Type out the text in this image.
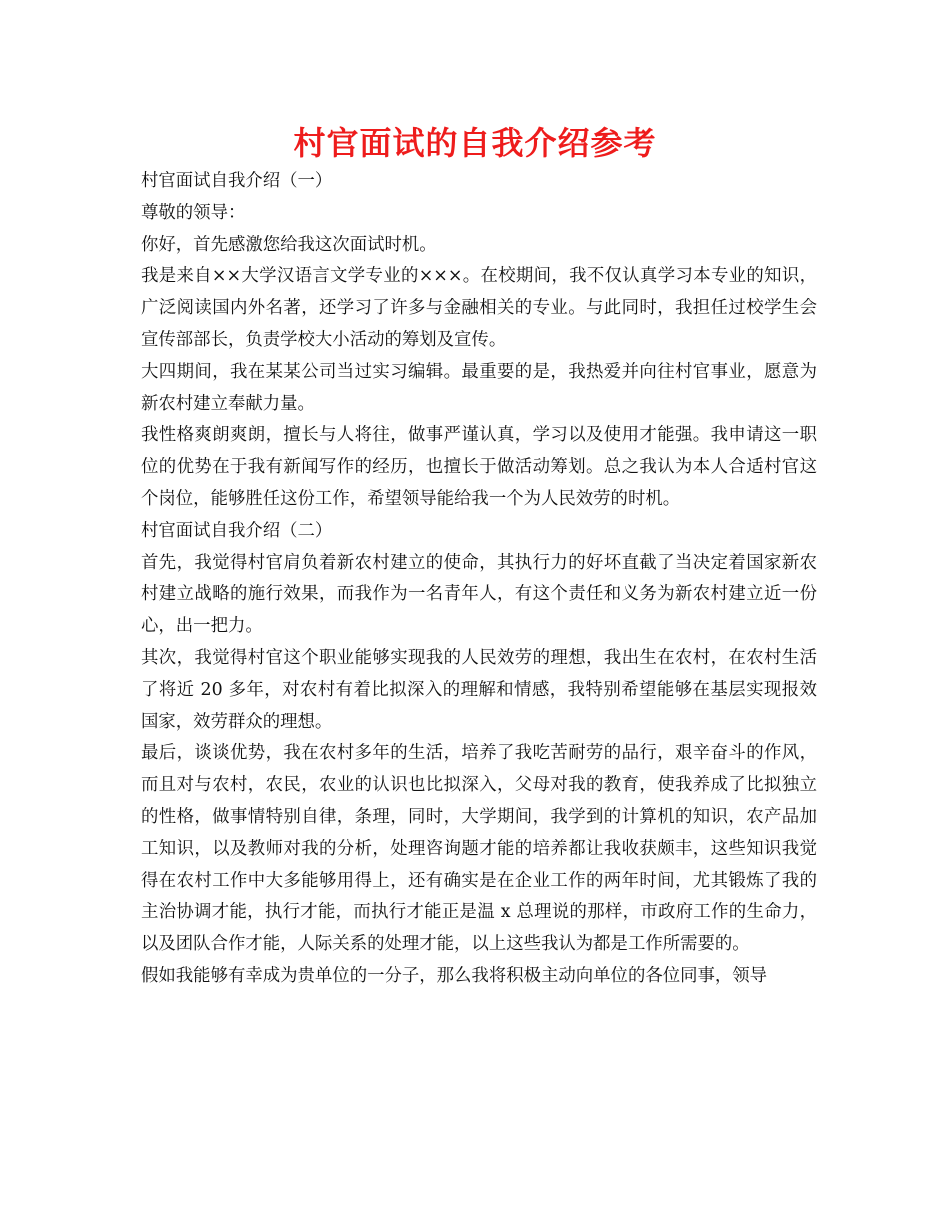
村官面试的自我介绍参考

村官面试自我介绍（一）

尊敬的领导：

你好，首先感激您给我这次面试时机。

我是来自××大学汉语言文学专业的×××。在校期间，我不仅认真学习本专业的知识，广泛阅读国内外名著，还学习了许多与金融相关的专业。与此同时，我担任过校学生会宣传部部长，负责学校大小活动的筹划及宣传。

大四期间，我在某某公司当过实习编辑。最重要的是，我热爱并向往村官事业，愿意为新农村建立奉献力量。

我性格爽朗爽朗，擅长与人将往，做事严谨认真，学习以及使用才能强。我申请这一职位的优势在于我有新闻写作的经历，也擅长于做活动筹划。总之我认为本人合适村官这个岗位，能够胜任这份工作，希望领导能给我一个为人民效劳的时机。

村官面试自我介绍（二）

首先，我觉得村官肩负着新农村建立的使命，其执行力的好坏直截了当决定着国家新农村建立战略的施行效果，而我作为一名青年人，有这个责任和义务为新农村建立近一份心，出一把力。

其次，我觉得村官这个职业能够实现我的人民效劳的理想，我出生在农村，在农村生活了将近 20 多年，对农村有着比拟深入的理解和情感，我特别希望能够在基层实现报效国家，效劳群众的理想。

最后，谈谈优势，我在农村多年的生活，培养了我吃苦耐劳的品行，艰辛奋斗的作风，而且对与农村，农民，农业的认识也比拟深入，父母对我的教育，使我养成了比拟独立的性格，做事情特别自律，条理，同时，大学期间，我学到的计算机的知识，农产品加工知识，以及教师对我的分析，处理咨询题才能的培养都让我收获颇丰，这些知识我觉得在农村工作中大多能够用得上，还有确实是在企业工作的两年时间，尤其锻炼了我的主治协调才能，执行才能，而执行才能正是温 x 总理说的那样，市政府工作的生命力，以及团队合作才能，人际关系的处理才能，以上这些我认为都是工作所需要的。

假如我能够有幸成为贵单位的一分子，那么我将积极主动向单位的各位同事，领导
